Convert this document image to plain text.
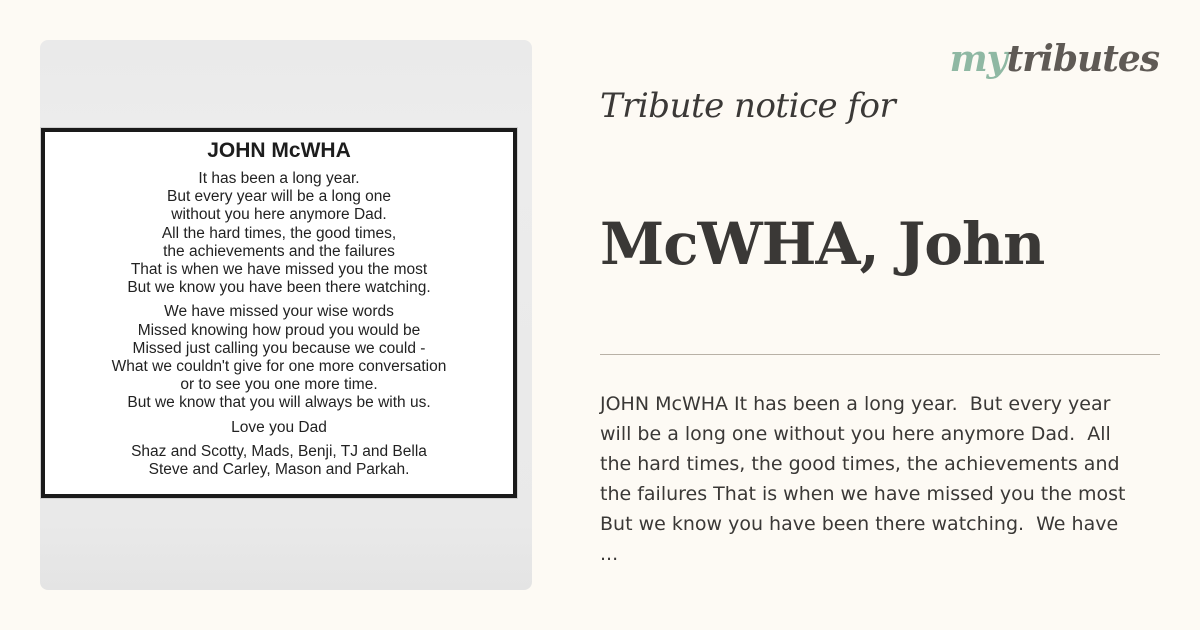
JOHN McWHA
It has been a long year.
But every year will be a long one
without you here anymore Dad.
All the hard times, the good times,
the achievements and the failures
That is when we have missed you the most
But we know you have been there watching.
We have missed your wise words
Missed knowing how proud you would be
Missed just calling you because we could -
What we couldn't give for one more conversation
or to see you one more time.
But we know that you will always be with us.
Love you Dad
Shaz and Scotty, Mads, Benji, TJ and Bella
Steve and Carley, Mason and Parkah.
mytributes
Tribute notice for
McWHA, John
JOHN McWHA It has been a long year.  But every year
will be a long one without you here anymore Dad.  All
the hard times, the good times, the achievements and
the failures That is when we have missed you the most
But we know you have been there watching.  We have
...
